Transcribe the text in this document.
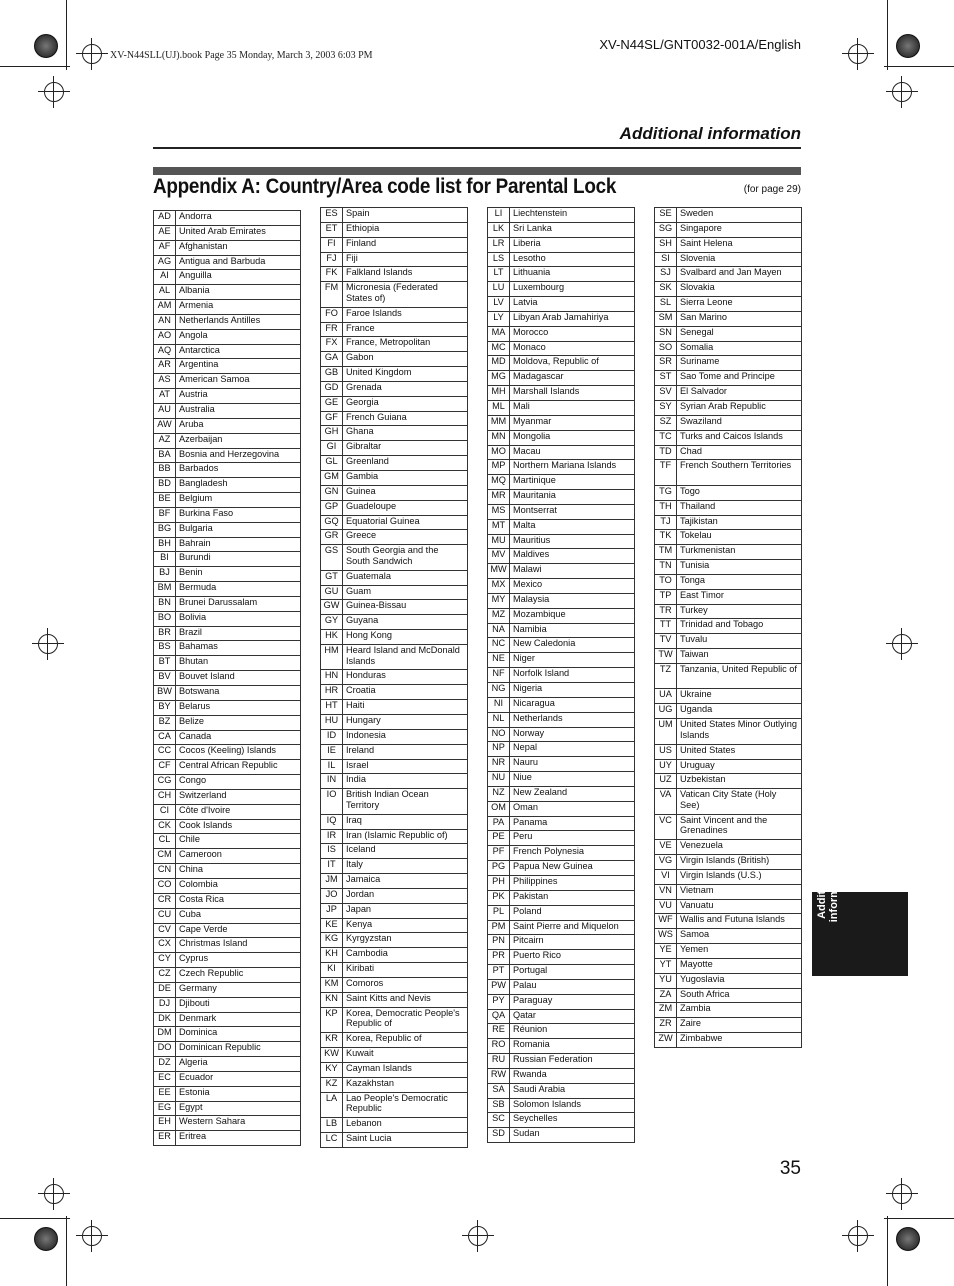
XV-N44SLL(UJ).book Page 35 Monday, March 3, 2003 6:03 PM
XV-N44SL/GNT0032-001A/English
Additional information
Appendix A: Country/Area code list for Parental Lock	(for page 29)
AD	Andorra
AE	United Arab Emirates
AF	Afghanistan
AG	Antigua and Barbuda
AI	Anguilla
AL	Albania
AM	Armenia
AN	Netherlands Antilles
AO	Angola
AQ	Antarctica
AR	Argentina
AS	American Samoa
AT	Austria
AU	Australia
AW	Aruba
AZ	Azerbaijan
BA	Bosnia and Herzegovina
BB	Barbados
BD	Bangladesh
BE	Belgium
BF	Burkina Faso
BG	Bulgaria
BH	Bahrain
BI	Burundi
BJ	Benin
BM	Bermuda
BN	Brunei Darussalam
BO	Bolivia
BR	Brazil
BS	Bahamas
BT	Bhutan
BV	Bouvet Island
BW	Botswana
BY	Belarus
BZ	Belize
CA	Canada
CC	Cocos (Keeling) Islands
CF	Central African Republic
CG	Congo
CH	Switzerland
CI	Côte d'Ivoire
CK	Cook Islands
CL	Chile
CM	Cameroon
CN	China
CO	Colombia
CR	Costa Rica
CU	Cuba
CV	Cape Verde
CX	Christmas Island
CY	Cyprus
CZ	Czech Republic
DE	Germany
DJ	Djibouti
DK	Denmark
DM	Dominica
DO	Dominican Republic
DZ	Algeria
EC	Ecuador
EE	Estonia
EG	Egypt
EH	Western Sahara
ER	Eritrea
ES	Spain
ET	Ethiopia
FI	Finland
FJ	Fiji
FK	Falkland Islands
FM	Micronesia (Federated States of)
FO	Faroe Islands
FR	France
FX	France, Metropolitan
GA	Gabon
GB	United Kingdom
GD	Grenada
GE	Georgia
GF	French Guiana
GH	Ghana
GI	Gibraltar
GL	Greenland
GM	Gambia
GN	Guinea
GP	Guadeloupe
GQ	Equatorial Guinea
GR	Greece
GS	South Georgia and the South Sandwich
GT	Guatemala
GU	Guam
GW	Guinea-Bissau
GY	Guyana
HK	Hong Kong
HM	Heard Island and McDonald Islands
HN	Honduras
HR	Croatia
HT	Haiti
HU	Hungary
ID	Indonesia
IE	Ireland
IL	Israel
IN	India
IO	British Indian Ocean Territory
IQ	Iraq
IR	Iran (Islamic Republic of)
IS	Iceland
IT	Italy
JM	Jamaica
JO	Jordan
JP	Japan
KE	Kenya
KG	Kyrgyzstan
KH	Cambodia
KI	Kiribati
KM	Comoros
KN	Saint Kitts and Nevis
KP	Korea, Democratic People's Republic of
KR	Korea, Republic of
KW	Kuwait
KY	Cayman Islands
KZ	Kazakhstan
LA	Lao People's Democratic Republic
LB	Lebanon
LC	Saint Lucia
LI	Liechtenstein
LK	Sri Lanka
LR	Liberia
LS	Lesotho
LT	Lithuania
LU	Luxembourg
LV	Latvia
LY	Libyan Arab Jamahiriya
MA	Morocco
MC	Monaco
MD	Moldova, Republic of
MG	Madagascar
MH	Marshall Islands
ML	Mali
MM	Myanmar
MN	Mongolia
MO	Macau
MP	Northern Mariana Islands
MQ	Martinique
MR	Mauritania
MS	Montserrat
MT	Malta
MU	Mauritius
MV	Maldives
MW	Malawi
MX	Mexico
MY	Malaysia
MZ	Mozambique
NA	Namibia
NC	New Caledonia
NE	Niger
NF	Norfolk Island
NG	Nigeria
NI	Nicaragua
NL	Netherlands
NO	Norway
NP	Nepal
NR	Nauru
NU	Niue
NZ	New Zealand
OM	Oman
PA	Panama
PE	Peru
PF	French Polynesia
PG	Papua New Guinea
PH	Philippines
PK	Pakistan
PL	Poland
PM	Saint Pierre and Miquelon
PN	Pitcairn
PR	Puerto Rico
PT	Portugal
PW	Palau
PY	Paraguay
QA	Qatar
RE	Réunion
RO	Romania
RU	Russian Federation
RW	Rwanda
SA	Saudi Arabia
SB	Solomon Islands
SC	Seychelles
SD	Sudan
SE	Sweden
SG	Singapore
SH	Saint Helena
SI	Slovenia
SJ	Svalbard and Jan Mayen
SK	Slovakia
SL	Sierra Leone
SM	San Marino
SN	Senegal
SO	Somalia
SR	Suriname
ST	Sao Tome and Principe
SV	El Salvador
SY	Syrian Arab Republic
SZ	Swaziland
TC	Turks and Caicos Islands
TD	Chad
TF	French Southern Territories
TG	Togo
TH	Thailand
TJ	Tajikistan
TK	Tokelau
TM	Turkmenistan
TN	Tunisia
TO	Tonga
TP	East Timor
TR	Turkey
TT	Trinidad and Tobago
TV	Tuvalu
TW	Taiwan
TZ	Tanzania, United Republic of
UA	Ukraine
UG	Uganda
UM	United States Minor Outlying Islands
US	United States
UY	Uruguay
UZ	Uzbekistan
VA	Vatican City State (Holy See)
VC	Saint Vincent and the Grenadines
VE	Venezuela
VG	Virgin Islands (British)
VI	Virgin Islands (U.S.)
VN	Vietnam
VU	Vanuatu
WF	Wallis and Futuna Islands
WS	Samoa
YE	Yemen
YT	Mayotte
YU	Yugoslavia
ZA	South Africa
ZM	Zambia
ZR	Zaire
ZW	Zimbabwe
Additional information
35
